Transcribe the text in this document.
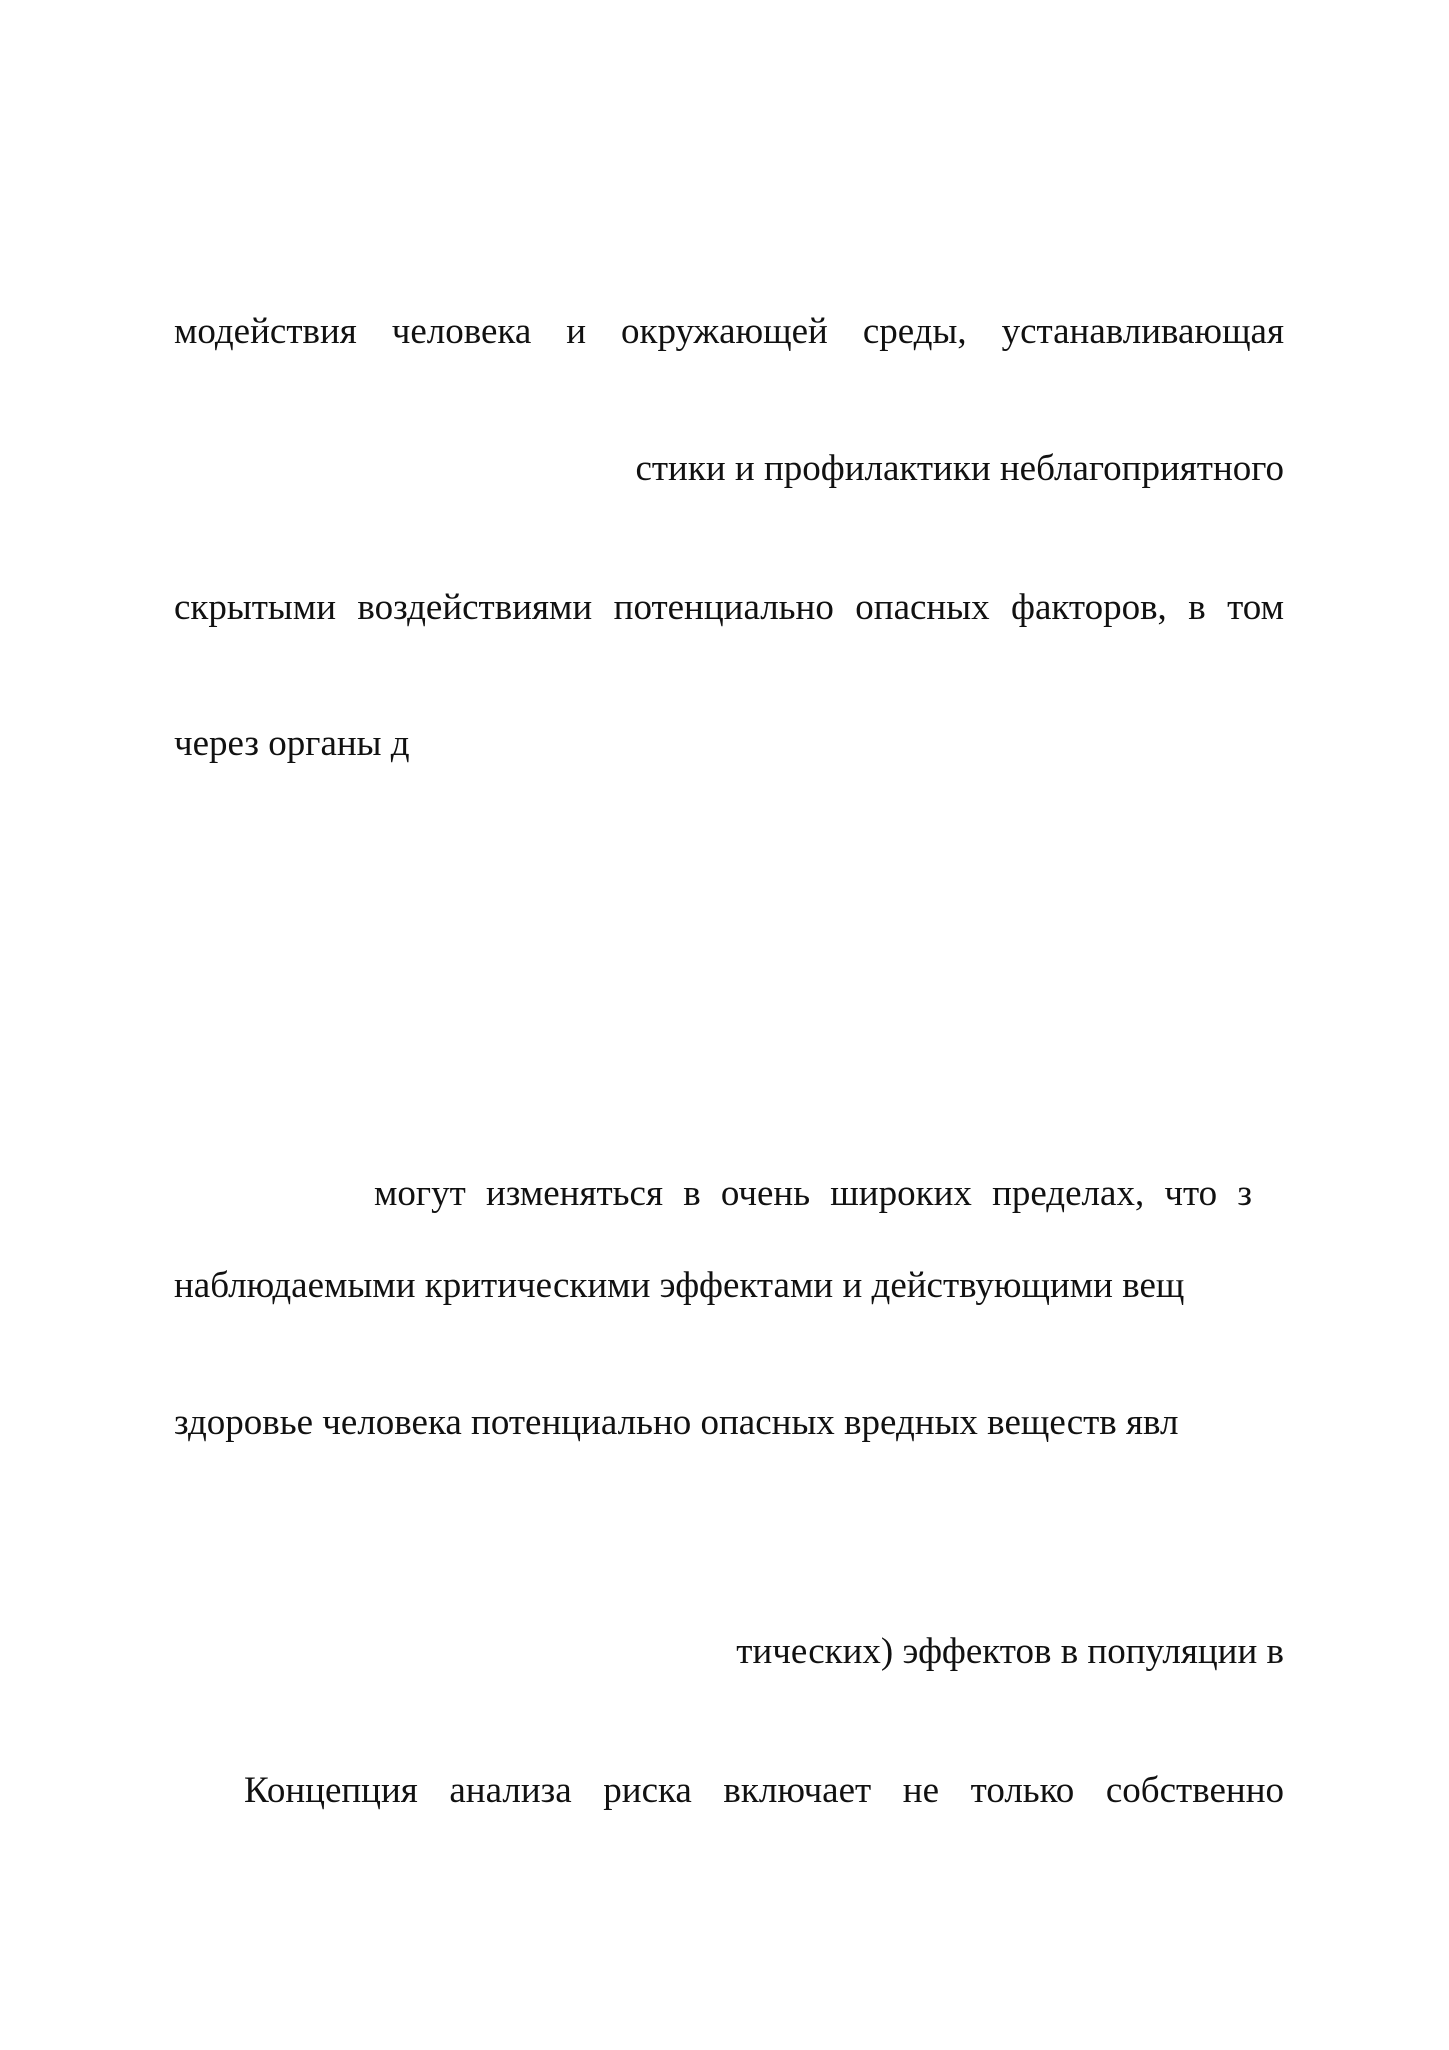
модействия человека и окружающей среды, устанавливающая
стики и профилактики неблагоприятного
скрытыми воздействиями потенциально опасных факторов, в том
через органы д
могут изменяться в очень широких пределах, что з
наблюдаемыми критическими эффектами и действующими вещ
здоровье человека потенциально опасных вредных веществ явл
тических) эффектов в популяции в
Концепция анализа риска включает не только собственно
